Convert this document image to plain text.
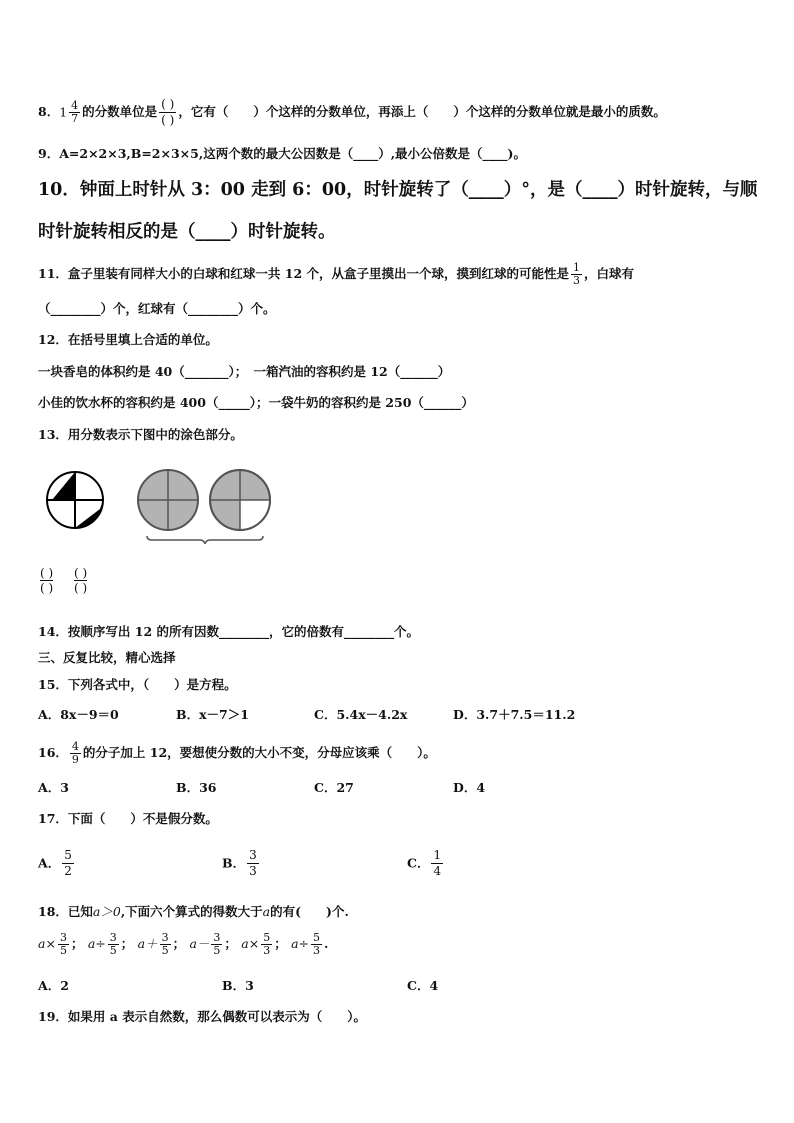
8．$1 \frac{4}{7}$ 的分数单位是 $\frac{( )}{( )}$ ，它有（　　）个这样的分数单位，再添上（　　）个这样的分数单位就是最小的质数。
9．A=2×2×3,B=2×3×5,这两个数的最大公因数是（____）,最小公倍数是（____)。
10．钟面上时针从 3：00 走到 6：00，时针旋转了（____）°，是（____）时针旋转，与顺
时针旋转相反的是（____）时针旋转。
11．盒子里装有同样大小的白球和红球一共 12 个，从盒子里摸出一个球，摸到红球的可能性是 $\frac{1}{3}$ ，白球有
（________）个，红球有（________）个。
12．在括号里填上合适的单位。
一块香皂的体积约是 40（_______）；　一箱汽油的容积约是 12（______）
小佳的饮水杯的容积约是 400（_____）；一袋牛奶的容积约是 250（______）
13．用分数表示下图中的涂色部分。
( )
( )
( )
( )
14．按顺序写出 12 的所有因数________，它的倍数有________个。
三、反复比较，精心选择
15．下列各式中，（　　）是方程。
A．8x－9＝0	B．x－7＞1	C．5.4x－4.2x	D．3.7＋7.5＝11.2
16． $\frac{4}{9}$ 的分子加上 12，要想使分数的大小不变，分母应该乘（　　）。
A．3	B．36	C．27	D．4
17．下面（　　）不是假分数。
A． $\frac{5}{2}$	B． $\frac{3}{3}$	C． $\frac{1}{4}$
18．已知a＞0,下面六个算式的得数大于a的有(　　)个.
$a\times \frac{3}{5}$ ； $a\div \frac{3}{5}$ ； $a+ \frac{3}{5}$ ； $a- \frac{3}{5}$ ； $a\times \frac{5}{3}$ ； $a\div \frac{5}{3}$ .
A．2	B．3	C．4
19．如果用 a 表示自然数，那么偶数可以表示为（　　）。
